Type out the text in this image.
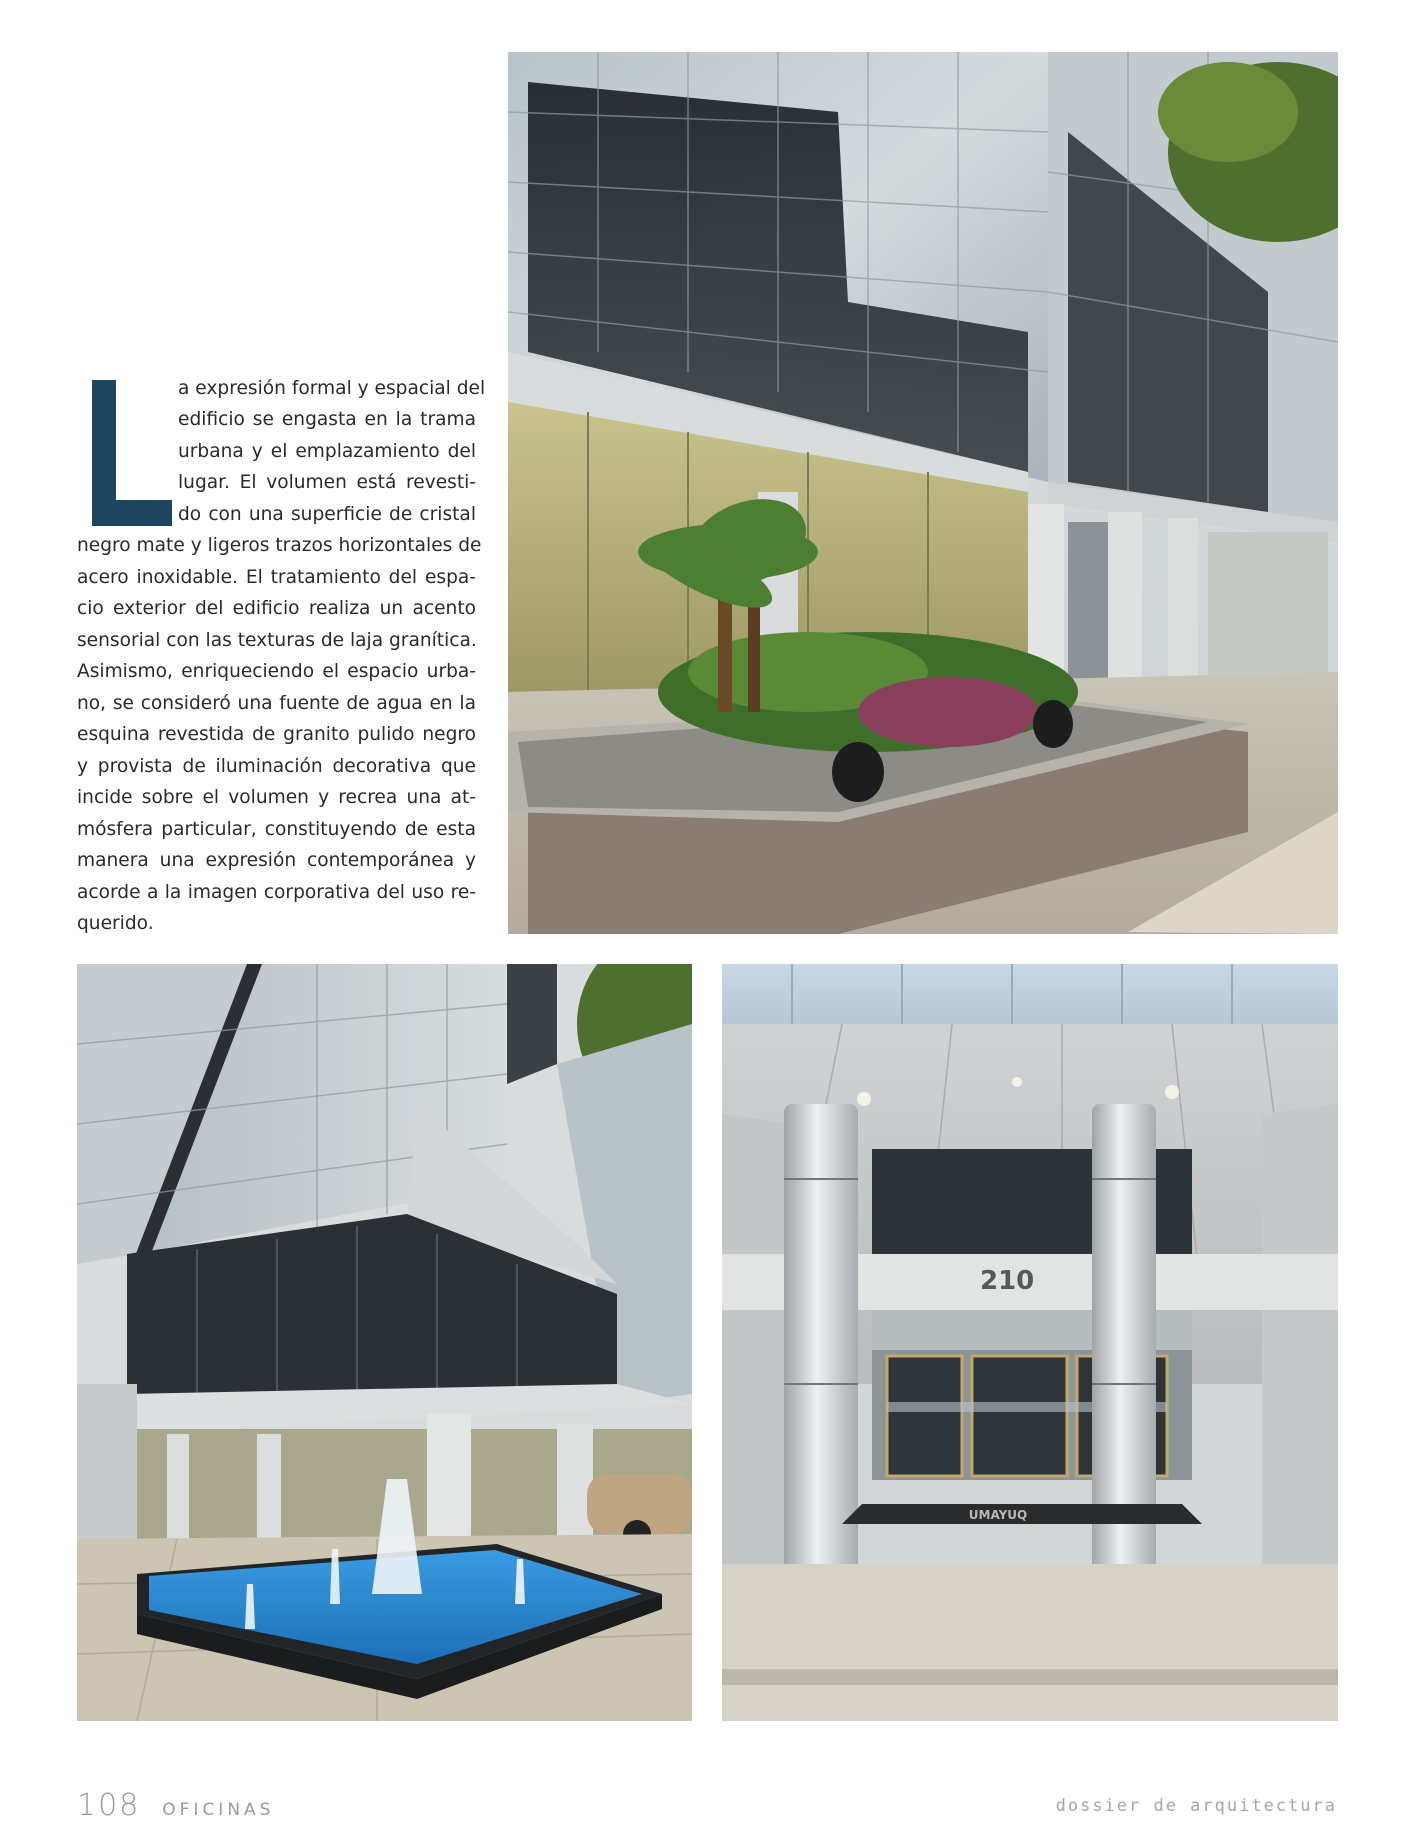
a expresión formal y espacial del
edificio se engasta en la trama
urbana y el emplazamiento del
lugar. El volumen está revesti-
do con una superficie de cristal
negro mate y ligeros trazos horizontales de
acero inoxidable. El tratamiento del espa-
cio exterior del edificio realiza un acento
sensorial con las texturas de laja granítica.
Asimismo, enriqueciendo el espacio urba-
no, se consideró una fuente de agua en la
esquina revestida de granito pulido negro
y provista de iluminación decorativa que
incide sobre el volumen y recrea una at-
mósfera particular, constituyendo de esta
manera una expresión contemporánea y
acorde a la imagen corporativa del uso re-
querido.
210
UMAYUQ
108 OFICINAS	dossier de arquitectura
